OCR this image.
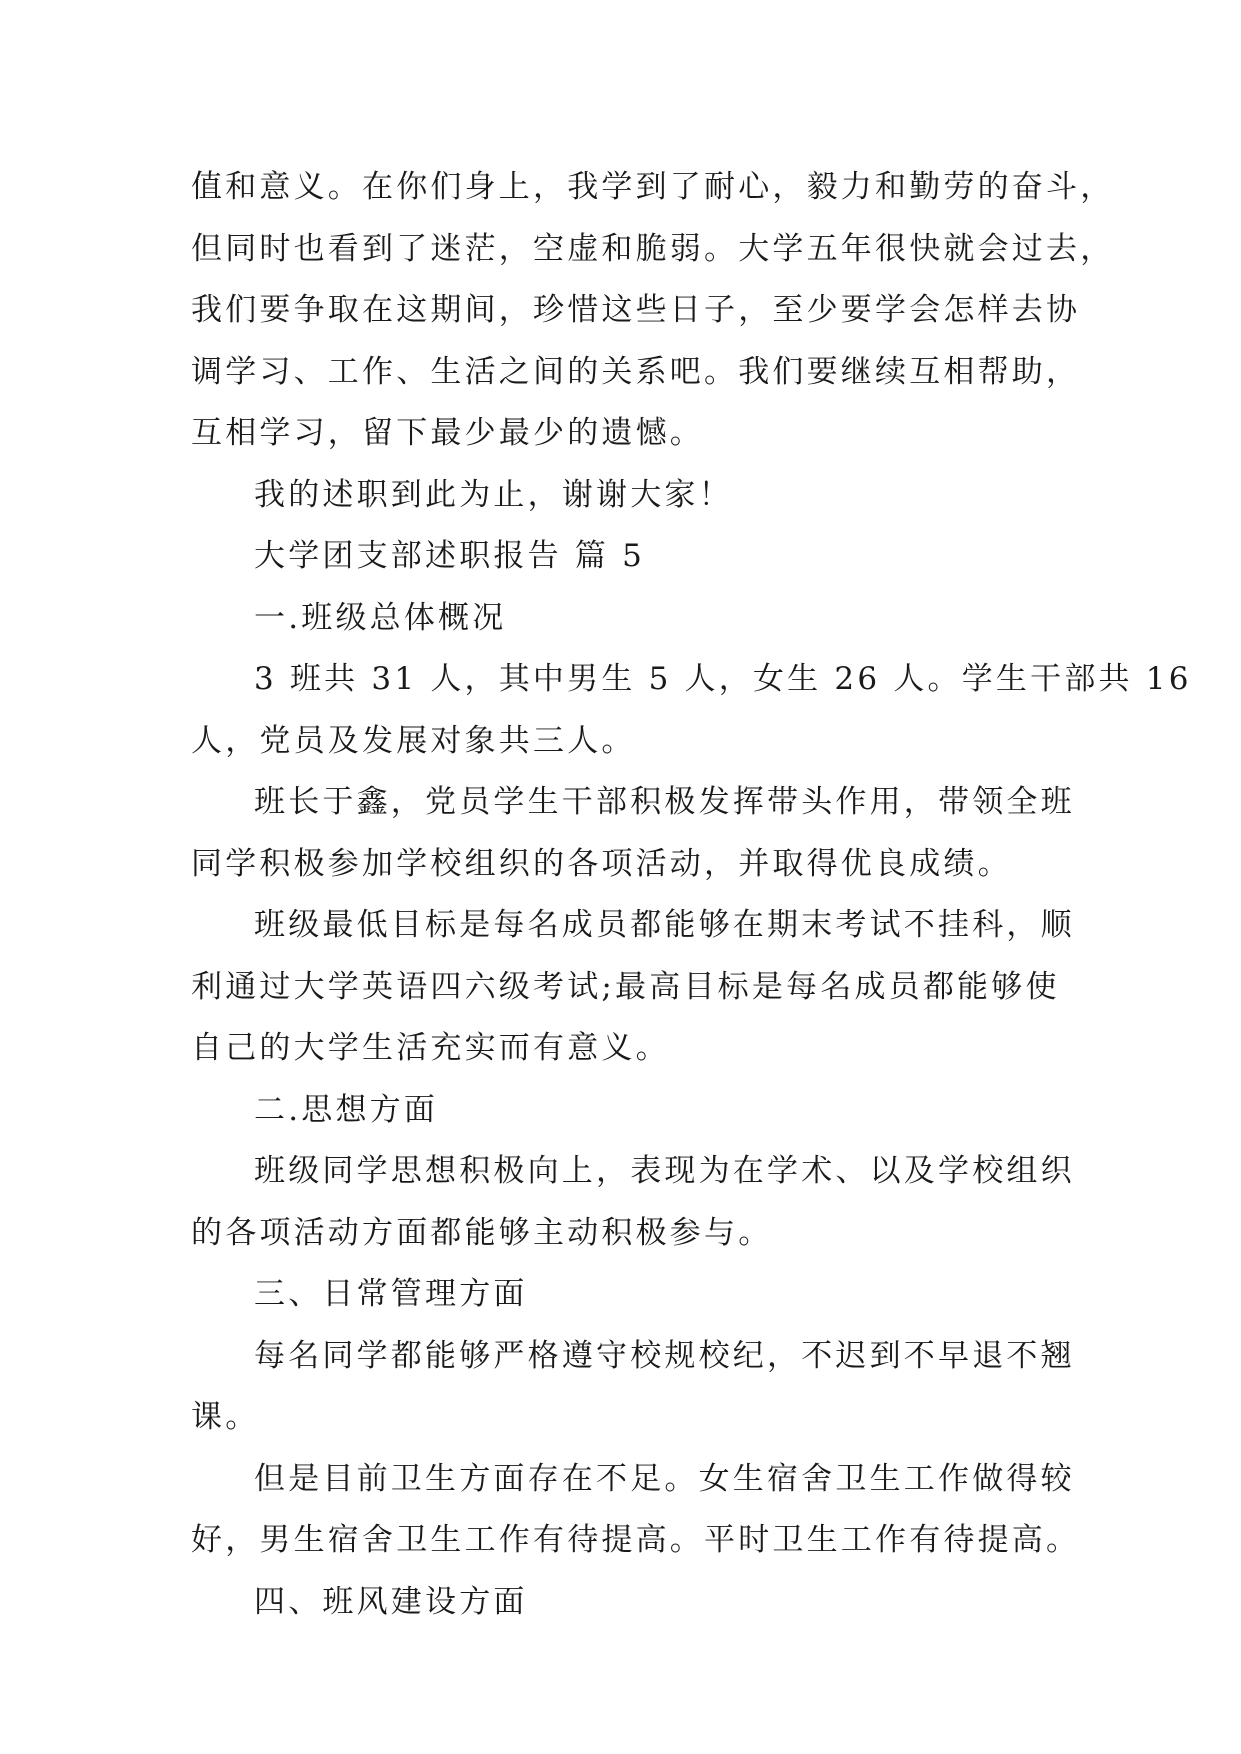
值和意义。在你们身上，我学到了耐心，毅力和勤劳的奋斗，
但同时也看到了迷茫，空虚和脆弱。大学五年很快就会过去，
我们要争取在这期间，珍惜这些日子，至少要学会怎样去协
调学习、工作、生活之间的关系吧。我们要继续互相帮助，
互相学习，留下最少最少的遗憾。
我的述职到此为止，谢谢大家！
大学团支部述职报告 篇 5
一.班级总体概况
3 班共 31 人，其中男生 5 人，女生 26 人。学生干部共 16
人，党员及发展对象共三人。
班长于鑫，党员学生干部积极发挥带头作用，带领全班
同学积极参加学校组织的各项活动，并取得优良成绩。
班级最低目标是每名成员都能够在期末考试不挂科，顺
利通过大学英语四六级考试;最高目标是每名成员都能够使
自己的大学生活充实而有意义。
二.思想方面
班级同学思想积极向上，表现为在学术、以及学校组织
的各项活动方面都能够主动积极参与。
三、日常管理方面
每名同学都能够严格遵守校规校纪，不迟到不早退不翘
课。
但是目前卫生方面存在不足。女生宿舍卫生工作做得较
好，男生宿舍卫生工作有待提高。平时卫生工作有待提高。
四、班风建设方面
